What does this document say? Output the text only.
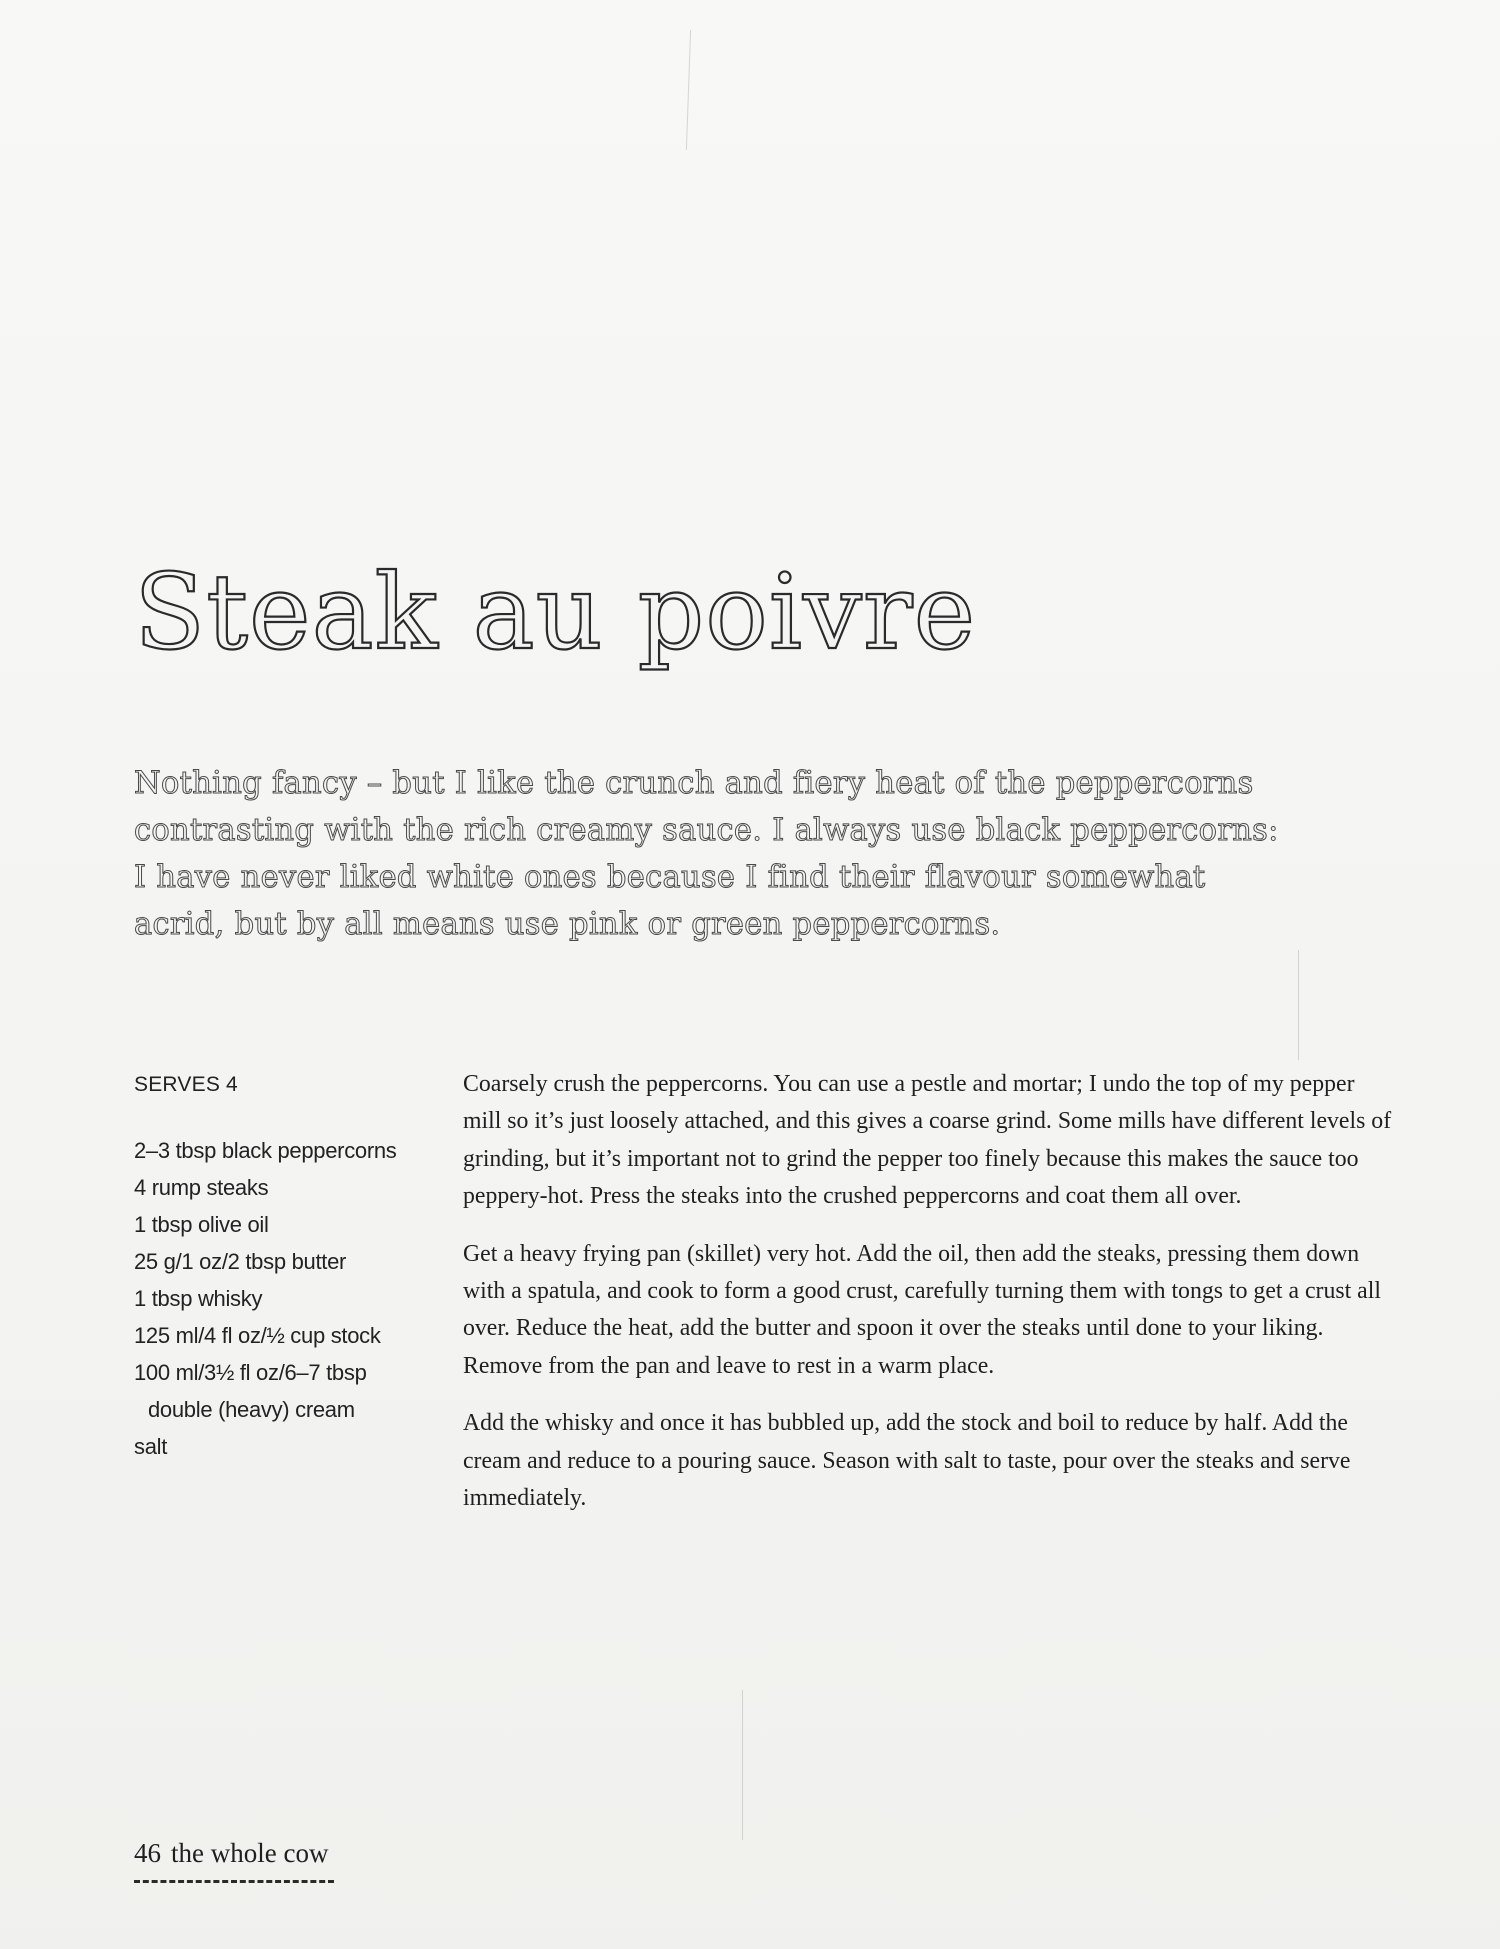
Steak au poivre

Nothing fancy – but I like the crunch and fiery heat of the peppercorns contrasting with the rich creamy sauce. I always use black peppercorns: I have never liked white ones because I find their flavour somewhat acrid, but by all means use pink or green peppercorns.

SERVES 4
2–3 tbsp black peppercorns
4 rump steaks
1 tbsp olive oil
25 g/1 oz/2 tbsp butter
1 tbsp whisky
125 ml/4 fl oz/½ cup stock
100 ml/3½ fl oz/6–7 tbsp double (heavy) cream
salt

Coarsely crush the peppercorns. You can use a pestle and mortar; I undo the top of my pepper mill so it’s just loosely attached, and this gives a coarse grind. Some mills have different levels of grinding, but it’s important not to grind the pepper too finely because this makes the sauce too peppery-hot. Press the steaks into the crushed peppercorns and coat them all over.

Get a heavy frying pan (skillet) very hot. Add the oil, then add the steaks, pressing them down with a spatula, and cook to form a good crust, carefully turning them with tongs to get a crust all over. Reduce the heat, add the butter and spoon it over the steaks until done to your liking. Remove from the pan and leave to rest in a warm place.

Add the whisky and once it has bubbled up, add the stock and boil to reduce by half. Add the cream and reduce to a pouring sauce. Season with salt to taste, pour over the steaks and serve immediately.

46 the whole cow
